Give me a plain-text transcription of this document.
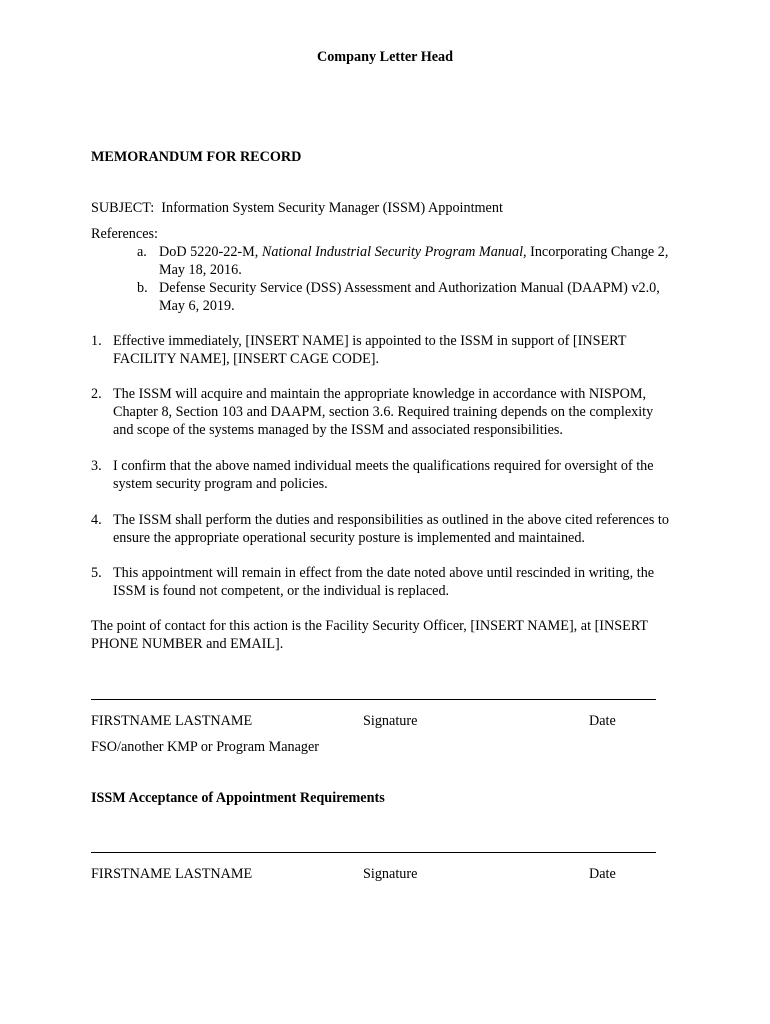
Company Letter Head
MEMORANDUM FOR RECORD
SUBJECT: Information System Security Manager (ISSM) Appointment
References:
a. DoD 5220-22-M, National Industrial Security Program Manual, Incorporating Change 2,
May 18, 2016.
b. Defense Security Service (DSS) Assessment and Authorization Manual (DAAPM) v2.0,
May 6, 2019.
1. Effective immediately, [INSERT NAME] is appointed to the ISSM in support of [INSERT
FACILITY NAME], [INSERT CAGE CODE].
2. The ISSM will acquire and maintain the appropriate knowledge in accordance with NISPOM,
Chapter 8, Section 103 and DAAPM, section 3.6. Required training depends on the complexity
and scope of the systems managed by the ISSM and associated responsibilities.
3. I confirm that the above named individual meets the qualifications required for oversight of the
system security program and policies.
4. The ISSM shall perform the duties and responsibilities as outlined in the above cited references to
ensure the appropriate operational security posture is implemented and maintained.
5. This appointment will remain in effect from the date noted above until rescinded in writing, the
ISSM is found not competent, or the individual is replaced.
The point of contact for this action is the Facility Security Officer, [INSERT NAME], at [INSERT
PHONE NUMBER and EMAIL].
FIRSTNAME LASTNAME	Signature	Date
FSO/another KMP or Program Manager
ISSM Acceptance of Appointment Requirements
FIRSTNAME LASTNAME	Signature	Date
